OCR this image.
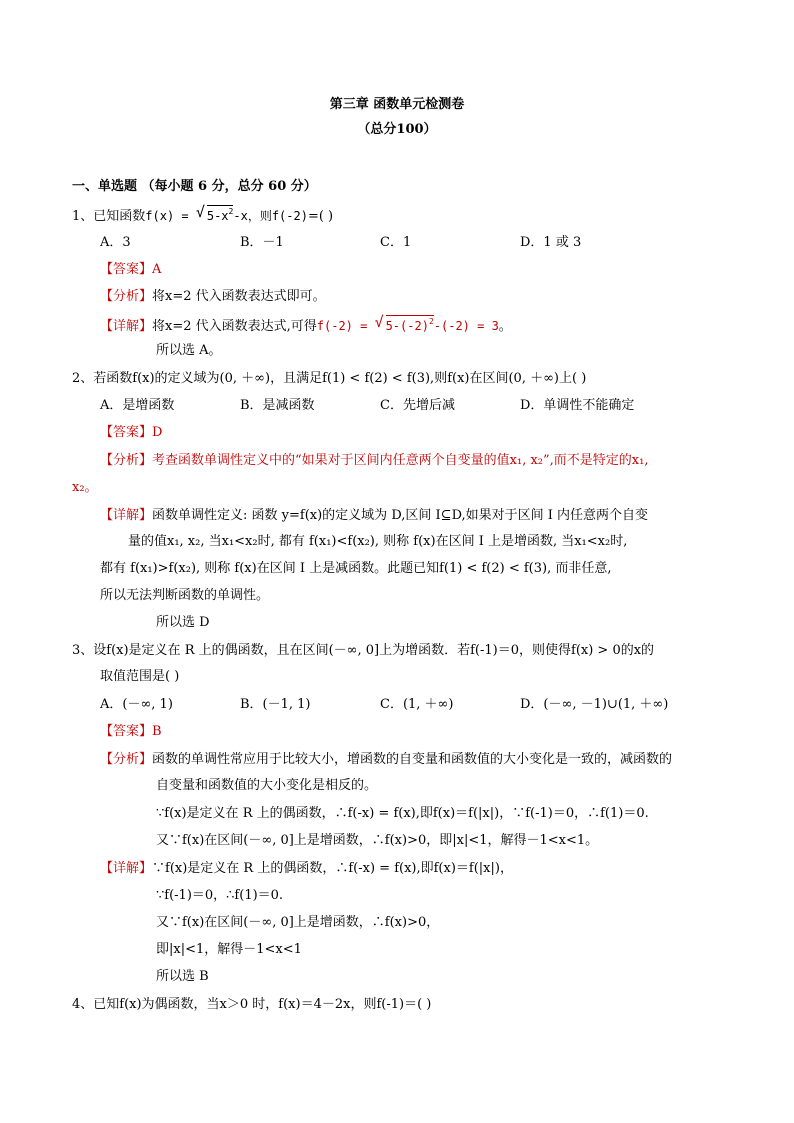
第三章 函数单元检测卷
（总分100）
一、单选题 （每小题 6 分，总分 60 分）
1、已知函数f(x) = √ $5-x^2-x$，则f(-2)=( )
A．3	B．－1	C．1	D．1 或 3
【答案】A
【分析】将x=2 代入函数表达式即可。
【详解】将x=2 代入函数表达式,可得f(-2) = √ $5-(-2)^2-(-2) = 3$。
所以选 A。
2、若函数f(x)的定义域为(0, ＋∞)，且满足f(1) < f(2) < f(3),则f(x)在区间(0, ＋∞)上( )
A．是增函数	B．是减函数	C．先增后减	D．单调性不能确定
【答案】D
【分析】考查函数单调性定义中的“如果对于区间内任意两个自变量的值x₁, x₂”,而不是特定的x₁,
x₂。
【详解】函数单调性定义: 函数 y=f(x)的定义域为 D,区间 I⊆D,如果对于区间 I 内任意两个自变
量的值x₁, x₂, 当x₁<x₂时, 都有 f(x₁)<f(x₂), 则称 f(x)在区间 I 上是增函数, 当x₁<x₂时,
都有 f(x₁)>f(x₂), 则称 f(x)在区间 I 上是减函数。此题已知f(1) < f(2) < f(3), 而非任意,
所以无法判断函数的单调性。
所以选 D
3、设f(x)是定义在 R 上的偶函数，且在区间(－∞, 0]上为增函数．若f(-1)＝0，则使得f(x) > 0的x的
取值范围是( )
A．(－∞, 1)	B．(－1, 1)	C．(1, ＋∞)	D．(－∞, －1)∪(1, ＋∞)
【答案】B
【分析】函数的单调性常应用于比较大小，增函数的自变量和函数值的大小变化是一致的，减函数的
自变量和函数值的大小变化是相反的。
∵f(x)是定义在 R 上的偶函数，∴f(-x) = f(x),即f(x)＝f(|x|)，∵f(-1)＝0，∴f(1)＝0.
又∵f(x)在区间(－∞, 0]上是增函数，∴f(x)>0，即|x|<1，解得－1<x<1。
【详解】∵f(x)是定义在 R 上的偶函数，∴f(-x) = f(x),即f(x)＝f(|x|)，
∵f(-1)＝0，∴f(1)＝0.
又∵f(x)在区间(－∞, 0]上是增函数，∴f(x)>0，
即|x|<1，解得－1<x<1
所以选 B
4、已知f(x)为偶函数，当x＞0 时，f(x)＝4－2x，则f(-1)＝( )
